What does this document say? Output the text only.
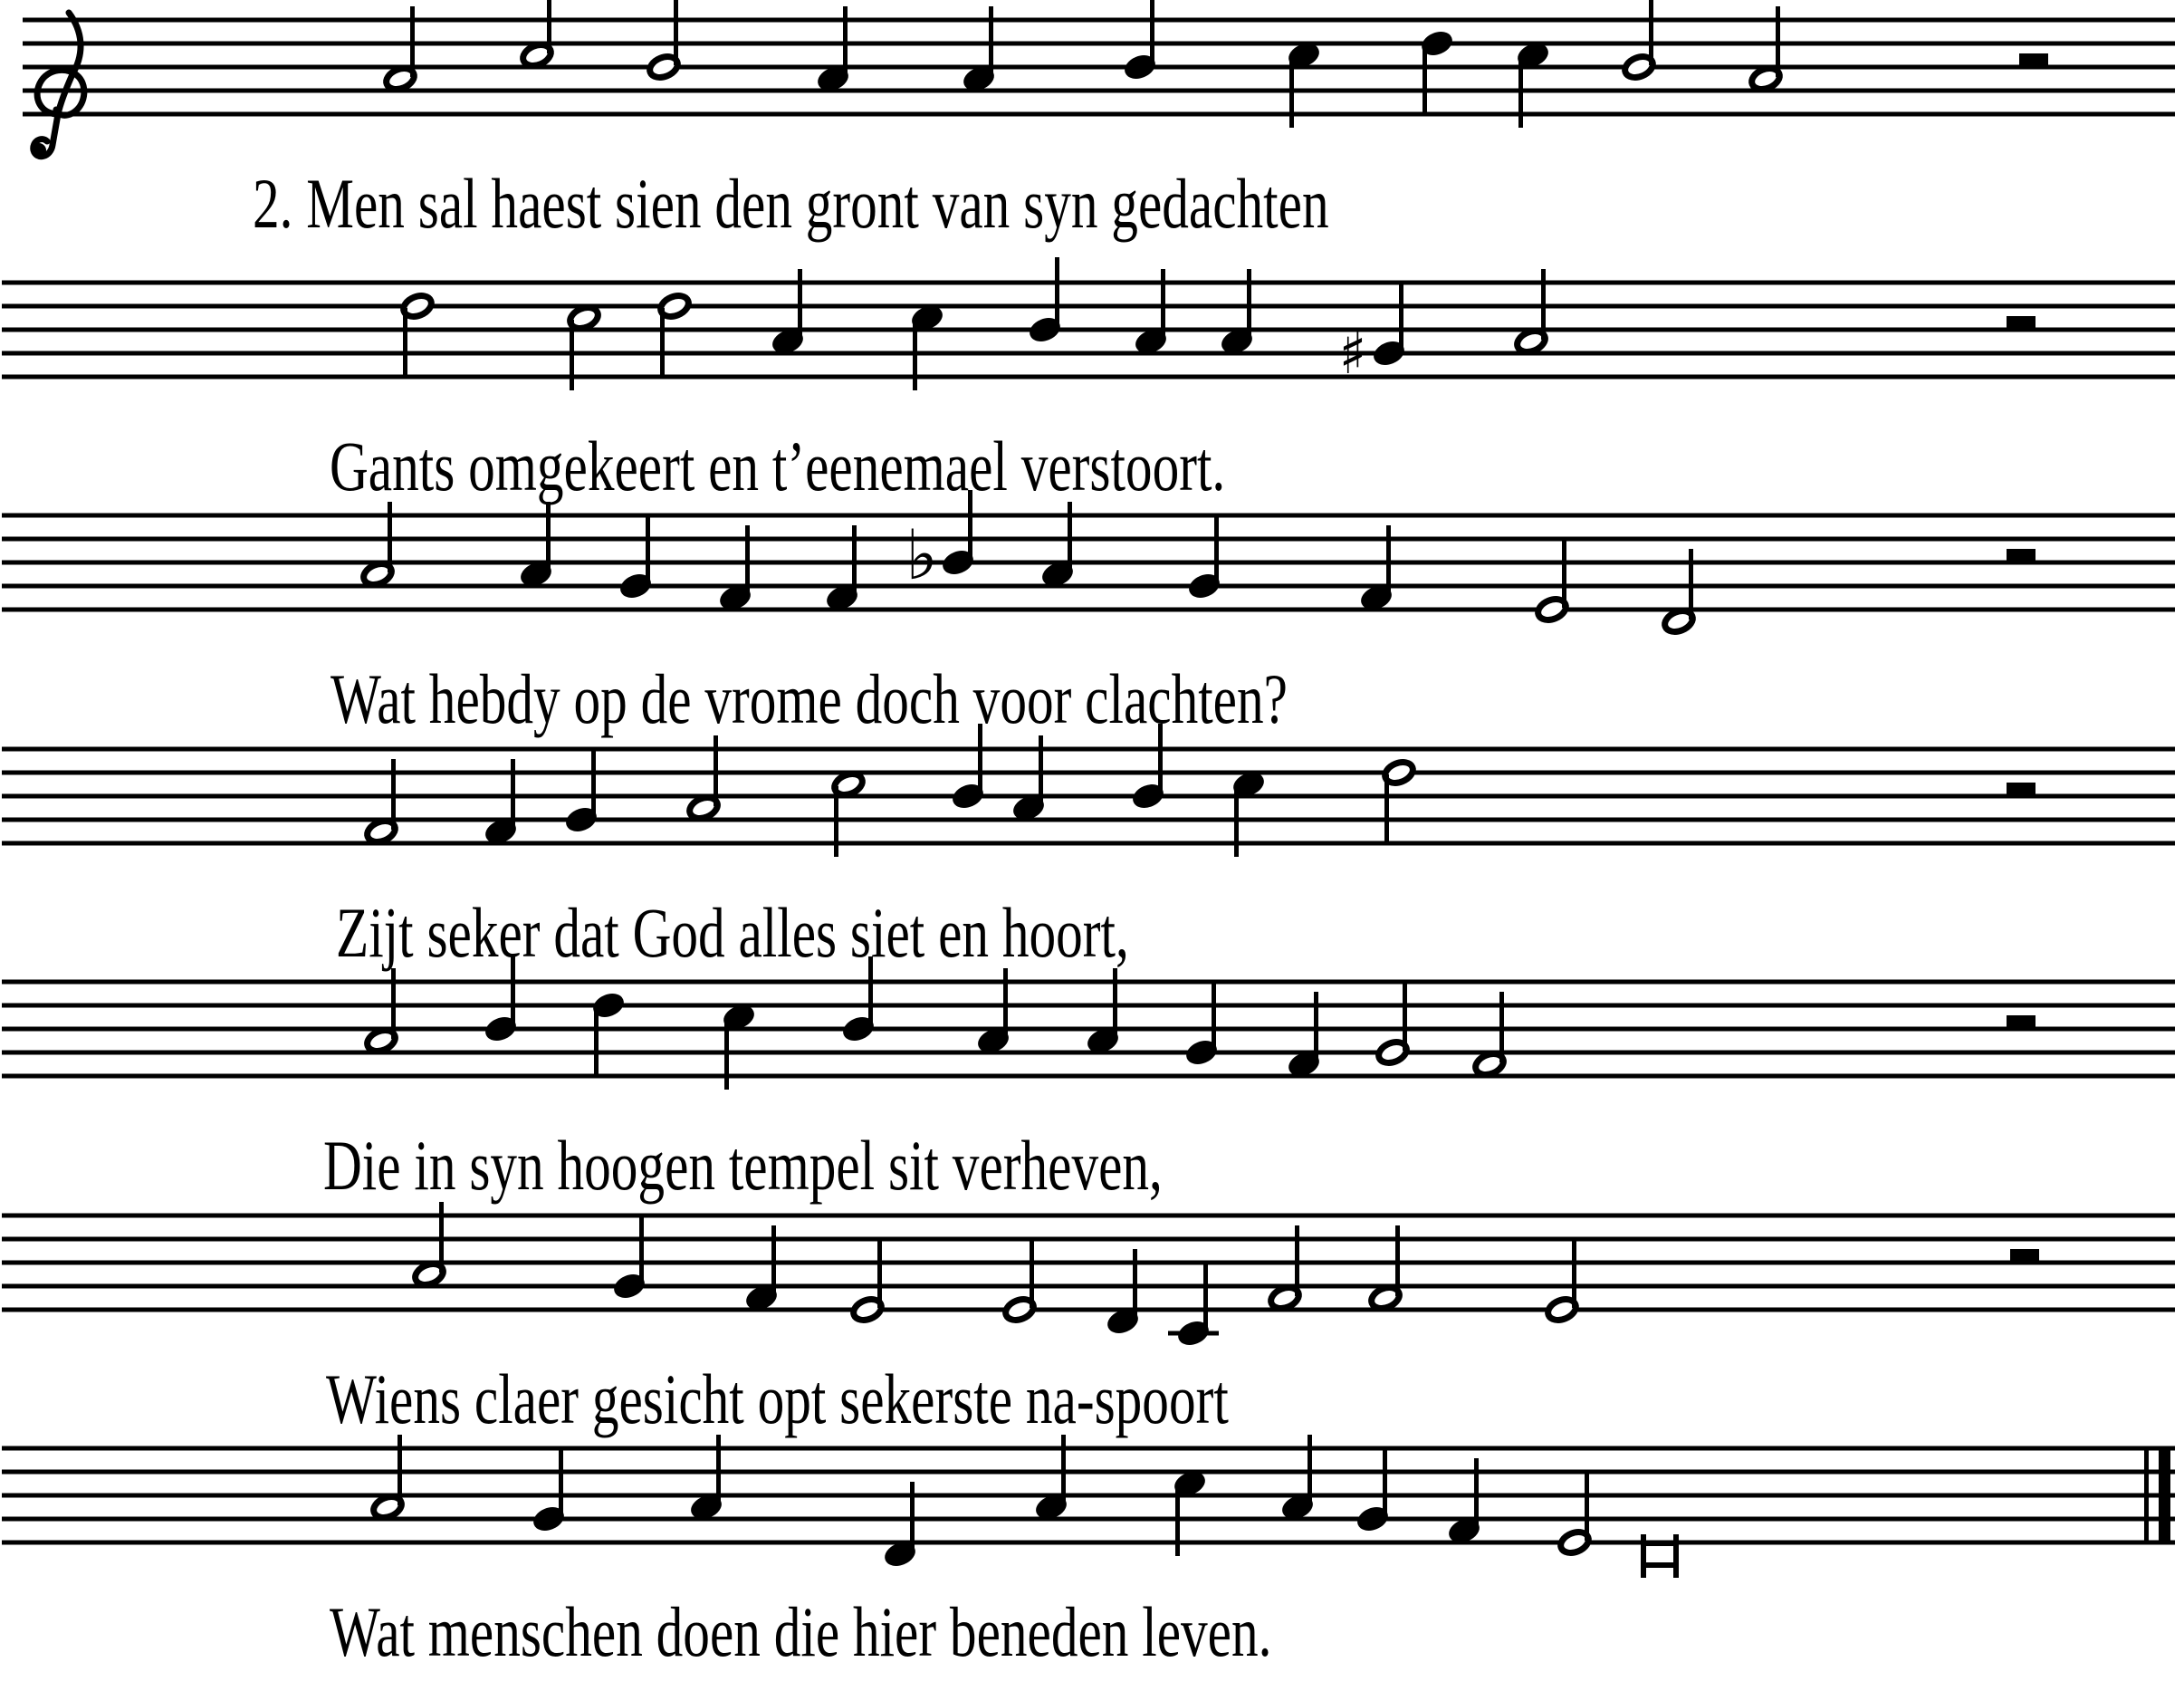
♯
♭
2. Men sal haest sien den gront van syn gedachten
Gants omgekeert en t’eenemael verstoort.
Wat hebdy op de vrome doch voor clachten?
Zijt seker dat God alles siet en hoort,
Die in syn hoogen tempel sit verheven,
Wiens claer gesicht opt sekerste na-spoort
Wat menschen doen die hier beneden leven.
